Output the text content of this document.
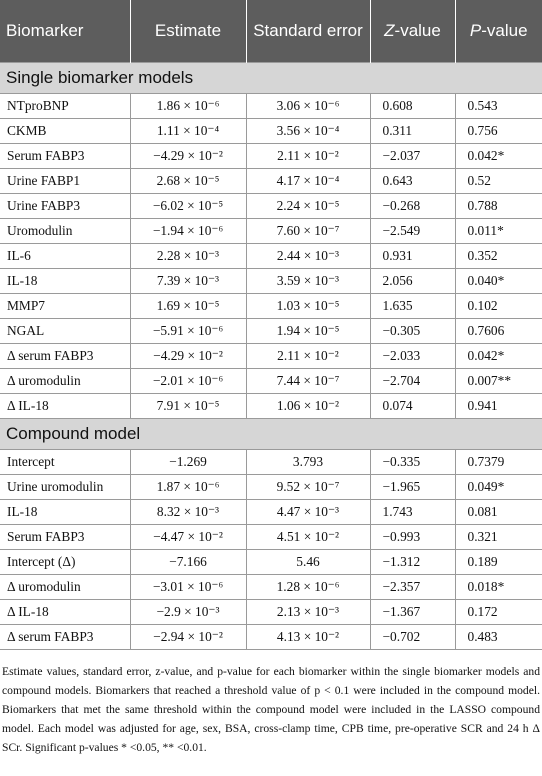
Biomarker	Estimate	Standard error	Z-value	P-value
Single biomarker models				
NTproBNP	1.86 × 10⁻⁶	3.06 × 10⁻⁶	0.608	0.543
CKMB	1.11 × 10⁻⁴	3.56 × 10⁻⁴	0.311	0.756
Serum FABP3	−4.29 × 10⁻²	2.11 × 10⁻²	−2.037	0.042*
Urine FABP1	2.68 × 10⁻⁵	4.17 × 10⁻⁴	0.643	0.52
Urine FABP3	−6.02 × 10⁻⁵	2.24 × 10⁻⁵	−0.268	0.788
Uromodulin	−1.94 × 10⁻⁶	7.60 × 10⁻⁷	−2.549	0.011*
IL-6	2.28 × 10⁻³	2.44 × 10⁻³	0.931	0.352
IL-18	7.39 × 10⁻³	3.59 × 10⁻³	2.056	0.040*
MMP7	1.69 × 10⁻⁵	1.03 × 10⁻⁵	1.635	0.102
NGAL	−5.91 × 10⁻⁶	1.94 × 10⁻⁵	−0.305	0.7606
Δ serum FABP3	−4.29 × 10⁻²	2.11 × 10⁻²	−2.033	0.042*
Δ uromodulin	−2.01 × 10⁻⁶	7.44 × 10⁻⁷	−2.704	0.007**
Δ IL-18	7.91 × 10⁻⁵	1.06 × 10⁻²	0.074	0.941
Compound model				
Intercept	−1.269	3.793	−0.335	0.7379
Urine uromodulin	1.87 × 10⁻⁶	9.52 × 10⁻⁷	−1.965	0.049*
IL-18	8.32 × 10⁻³	4.47 × 10⁻³	1.743	0.081
Serum FABP3	−4.47 × 10⁻²	4.51 × 10⁻²	−0.993	0.321
Intercept (Δ)	−7.166	5.46	−1.312	0.189
Δ uromodulin	−3.01 × 10⁻⁶	1.28 × 10⁻⁶	−2.357	0.018*
Δ IL-18	−2.9 × 10⁻³	2.13 × 10⁻³	−1.367	0.172
Δ serum FABP3	−2.94 × 10⁻²	4.13 × 10⁻²	−0.702	0.483
Estimate values, standard error, z-value, and p-value for each biomarker within the single biomarker models and compound models. Biomarkers that reached a threshold value of p < 0.1 were included in the compound model. Biomarkers that met the same threshold within the compound model were included in the LASSO compound model. Each model was adjusted for age, sex, BSA, cross-clamp time, CPB time, pre-operative SCR and 24 h Δ SCr. Significant p-values * <0.05, ** <0.01.
